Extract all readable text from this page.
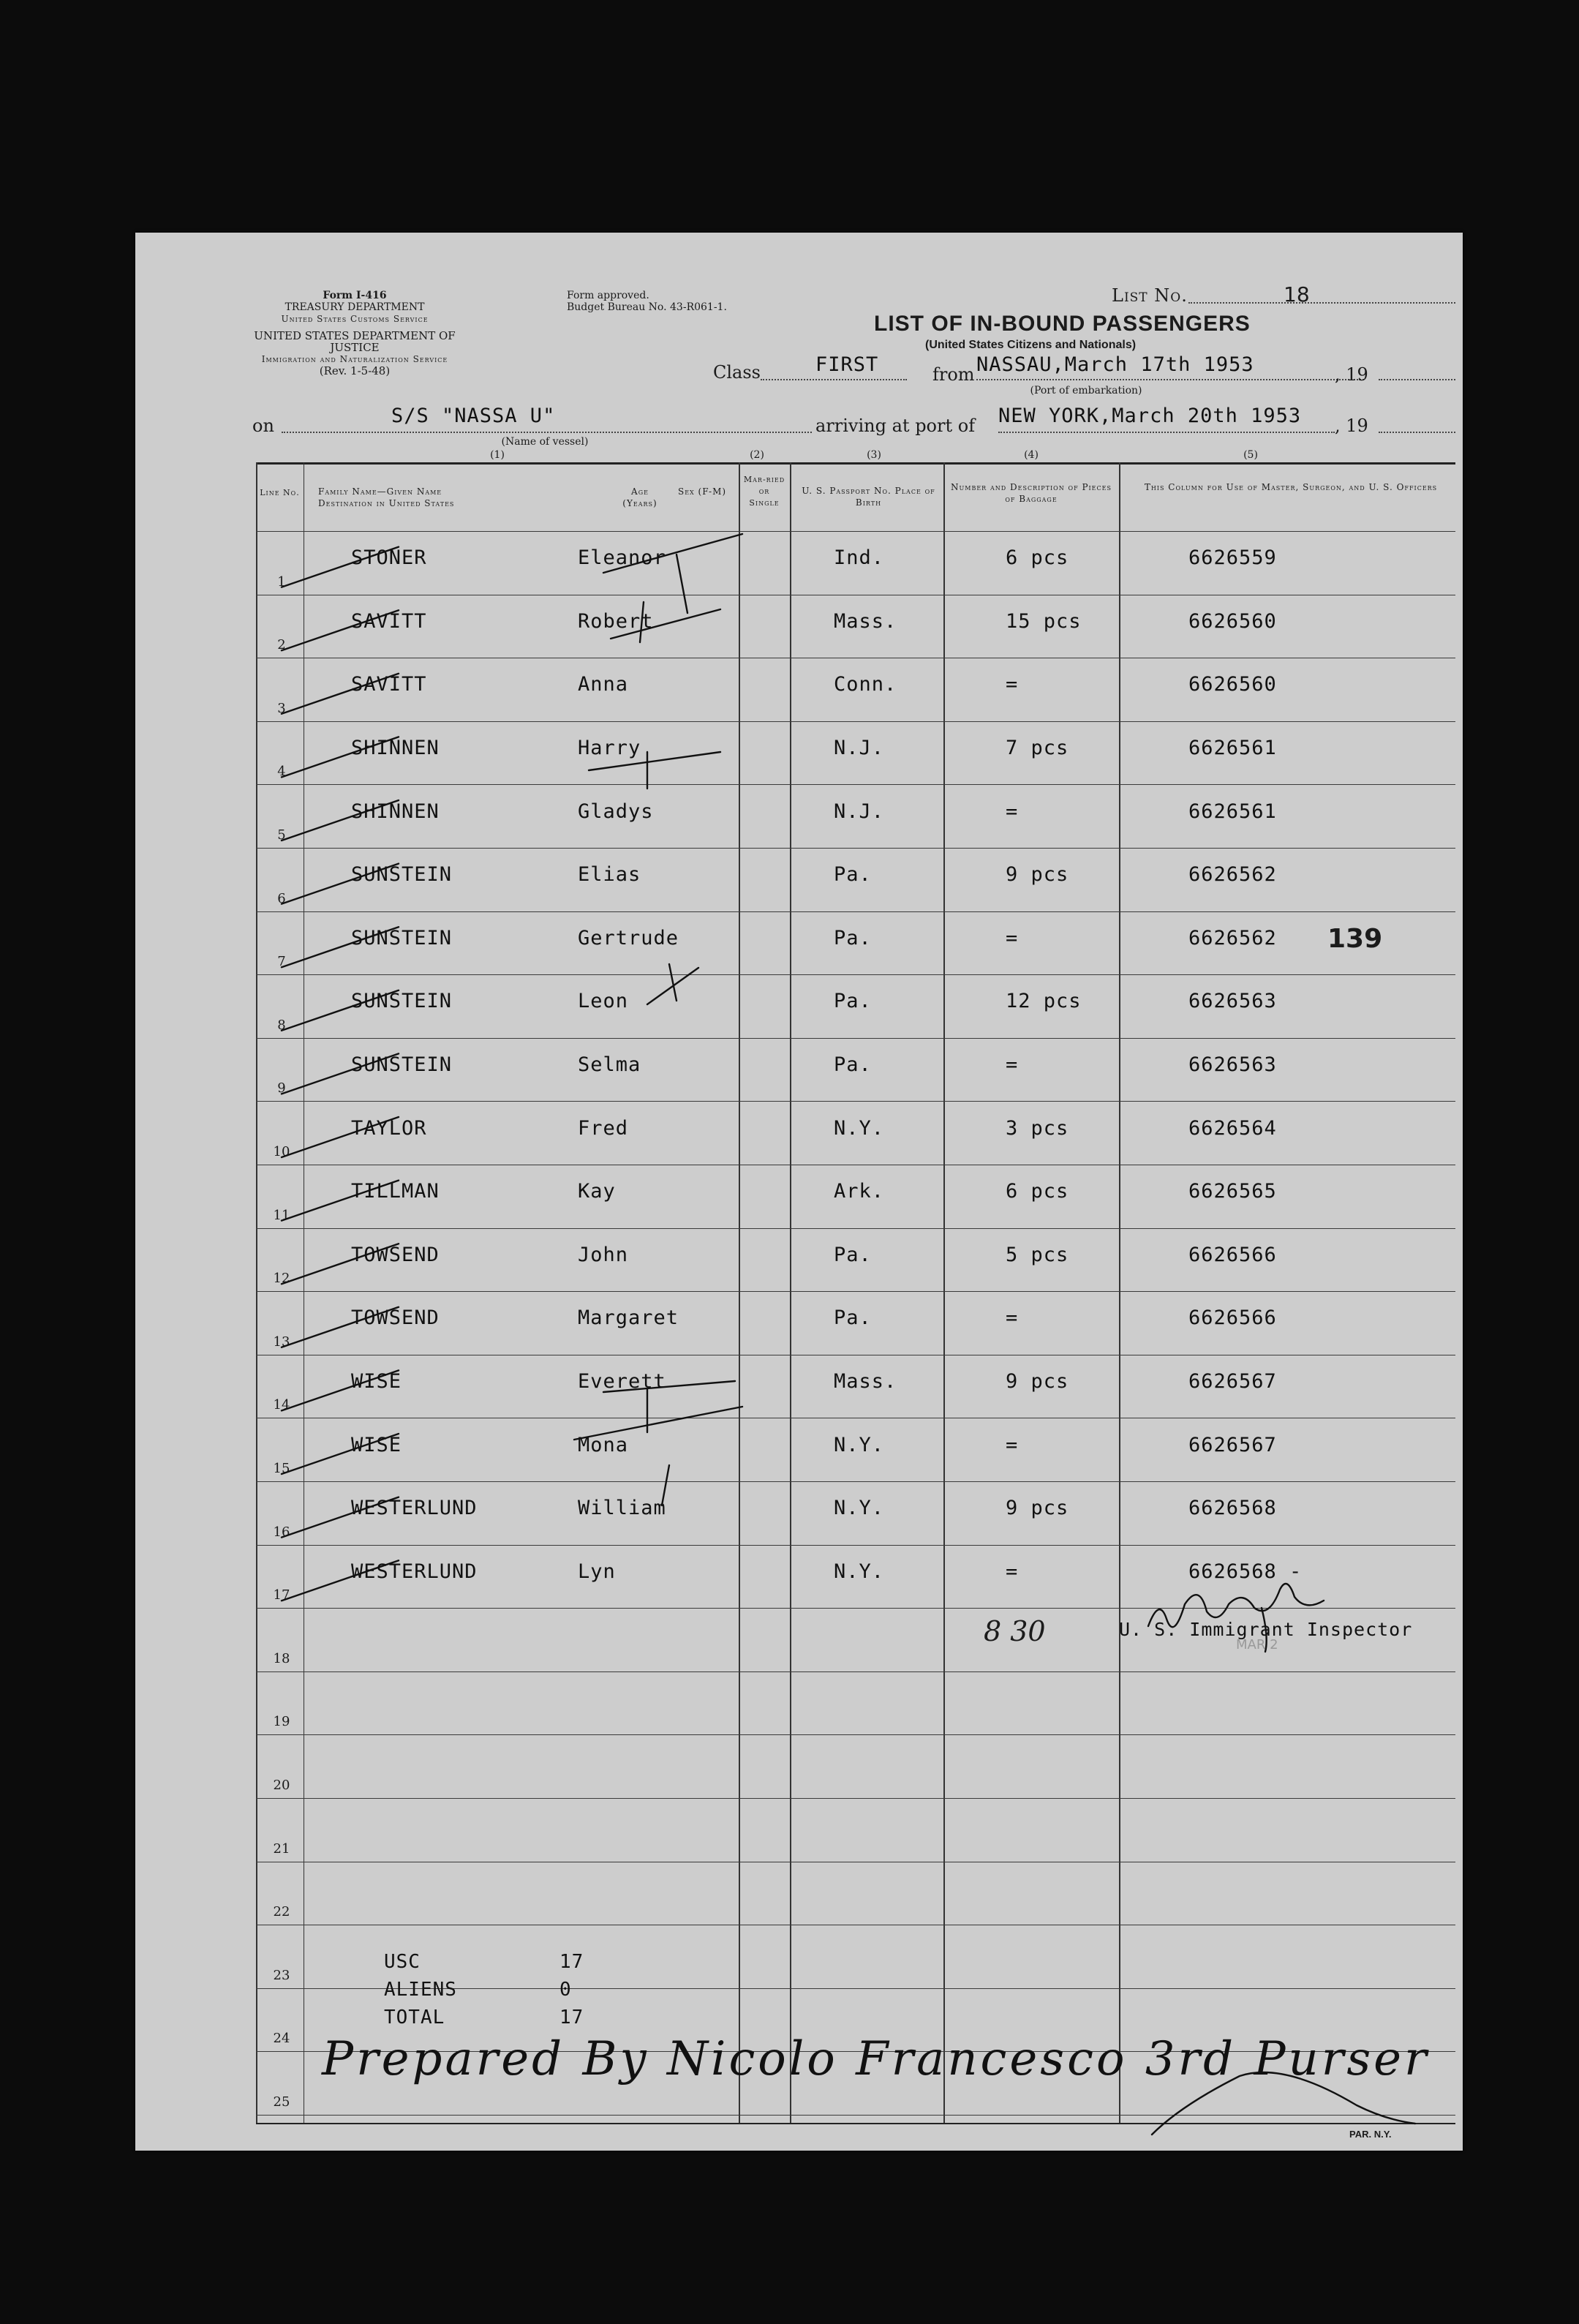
Form I-416
TREASURY DEPARTMENT
United States Customs Service
UNITED STATES DEPARTMENT OF JUSTICE
Immigration and Naturalization Service
(Rev. 1-5-48)
Form approved.
Budget Bureau No. 43-R061-1.
List No.	18
LIST OF IN-BOUND PASSENGERS
(United States Citizens and Nationals)
Class	FIRST	from NASSAU,March 17th 1953	, 19
(Port of embarkation)
on	S/S "NASSA U"
(Name of vessel)
arriving at port of NEW YORK,March 20th 1953 , 19
(1)	(2)	(3)	(4)	(5)
Line No.	Family Name—Given Name
Destination in United States
Age (Years)
Sex (F-M)
Mar-ried or Single
U. S. Passport No. Place of Birth
Number and Description of Pieces of Baggage
This Column for Use of Master, Surgeon, and U. S. Officers
1
STONER	Eleanor	Ind.	6 pcs	6626559
2
SAVITT	Robert	Mass.	15 pcs	6626560
3
SAVITT	Anna	Conn.	=	6626560
4
SHINNEN	Harry	N.J.	7 pcs	6626561
5
SHINNEN	Gladys	N.J.	=	6626561
6
SUNSTEIN	Elias	Pa.	9 pcs	6626562
7
SUNSTEIN	Gertrude	Pa.	=	6626562
8
SUNSTEIN	Leon	Pa.	12 pcs	6626563
9
SUNSTEIN	Selma	Pa.	=	6626563
10
TAYLOR	Fred	N.Y.	3 pcs	6626564
11
TILLMAN	Kay	Ark.	6 pcs	6626565
12
TOWSEND	John	Pa.	5 pcs	6626566
13
TOWSEND	Margaret	Pa.	=	6626566
14
WISE	Everett	Mass.	9 pcs	6626567
15
WISE	Mona	N.Y.	=	6626567
16
WESTERLUND	William	N.Y.	9 pcs	6626568
17
WESTERLUND	Lyn	N.Y.	=	6626568 -
18
19
20
21
22
23
24
25
139
8 30	U. S. Immigrant Inspector
MAR 2
USC	17
ALIENS	0
TOTAL	17
Prepared By Nicolo Francesco 3rd Purser
PAR. N.Y.
